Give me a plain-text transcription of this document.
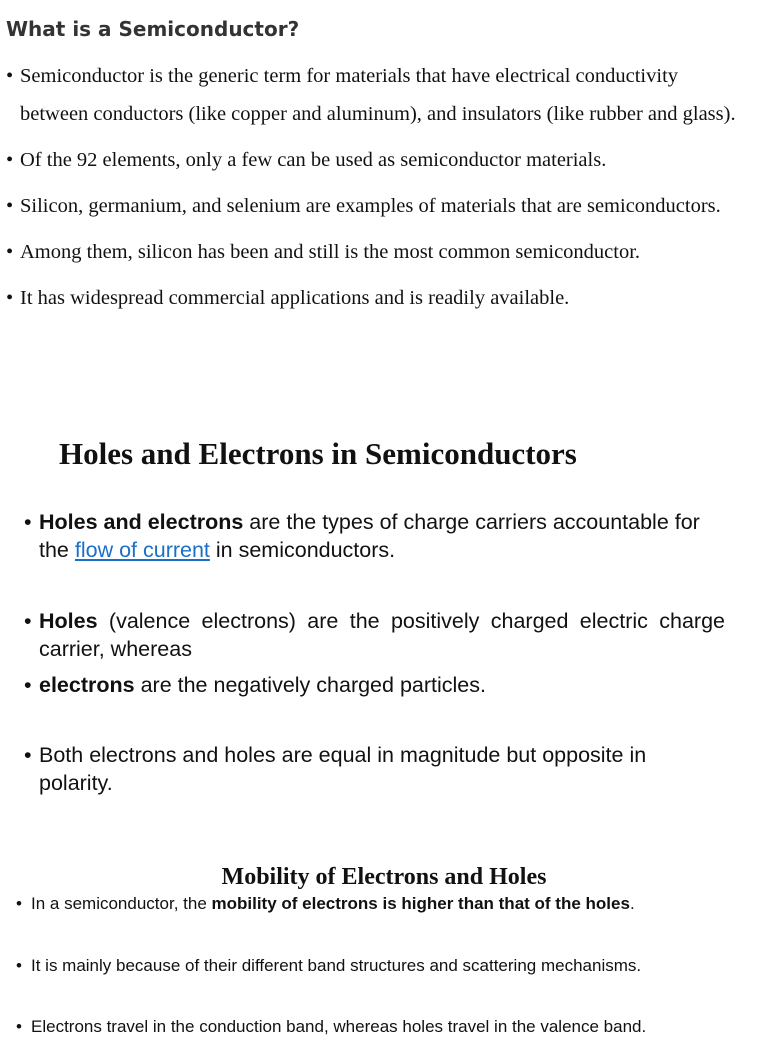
What is a Semiconductor?
• Semiconductor is the generic term for materials that have electrical conductivity between conductors (like copper and aluminum), and insulators (like rubber and glass).
• Of the 92 elements, only a few can be used as semiconductor materials.
• Silicon, germanium, and selenium are examples of materials that are semiconductors.
• Among them, silicon has been and still is the most common semiconductor.
• It has widespread commercial applications and is readily available.
Holes and Electrons in Semiconductors
• Holes and electrons are the types of charge carriers accountable for the flow of current in semiconductors.
• Holes (valence electrons) are the positively charged electric charge carrier, whereas
• electrons are the negatively charged particles.
• Both electrons and holes are equal in magnitude but opposite in polarity.
Mobility of Electrons and Holes
• In a semiconductor, the mobility of electrons is higher than that of the holes.
• It is mainly because of their different band structures and scattering mechanisms.
• Electrons travel in the conduction band, whereas holes travel in the valence band.
